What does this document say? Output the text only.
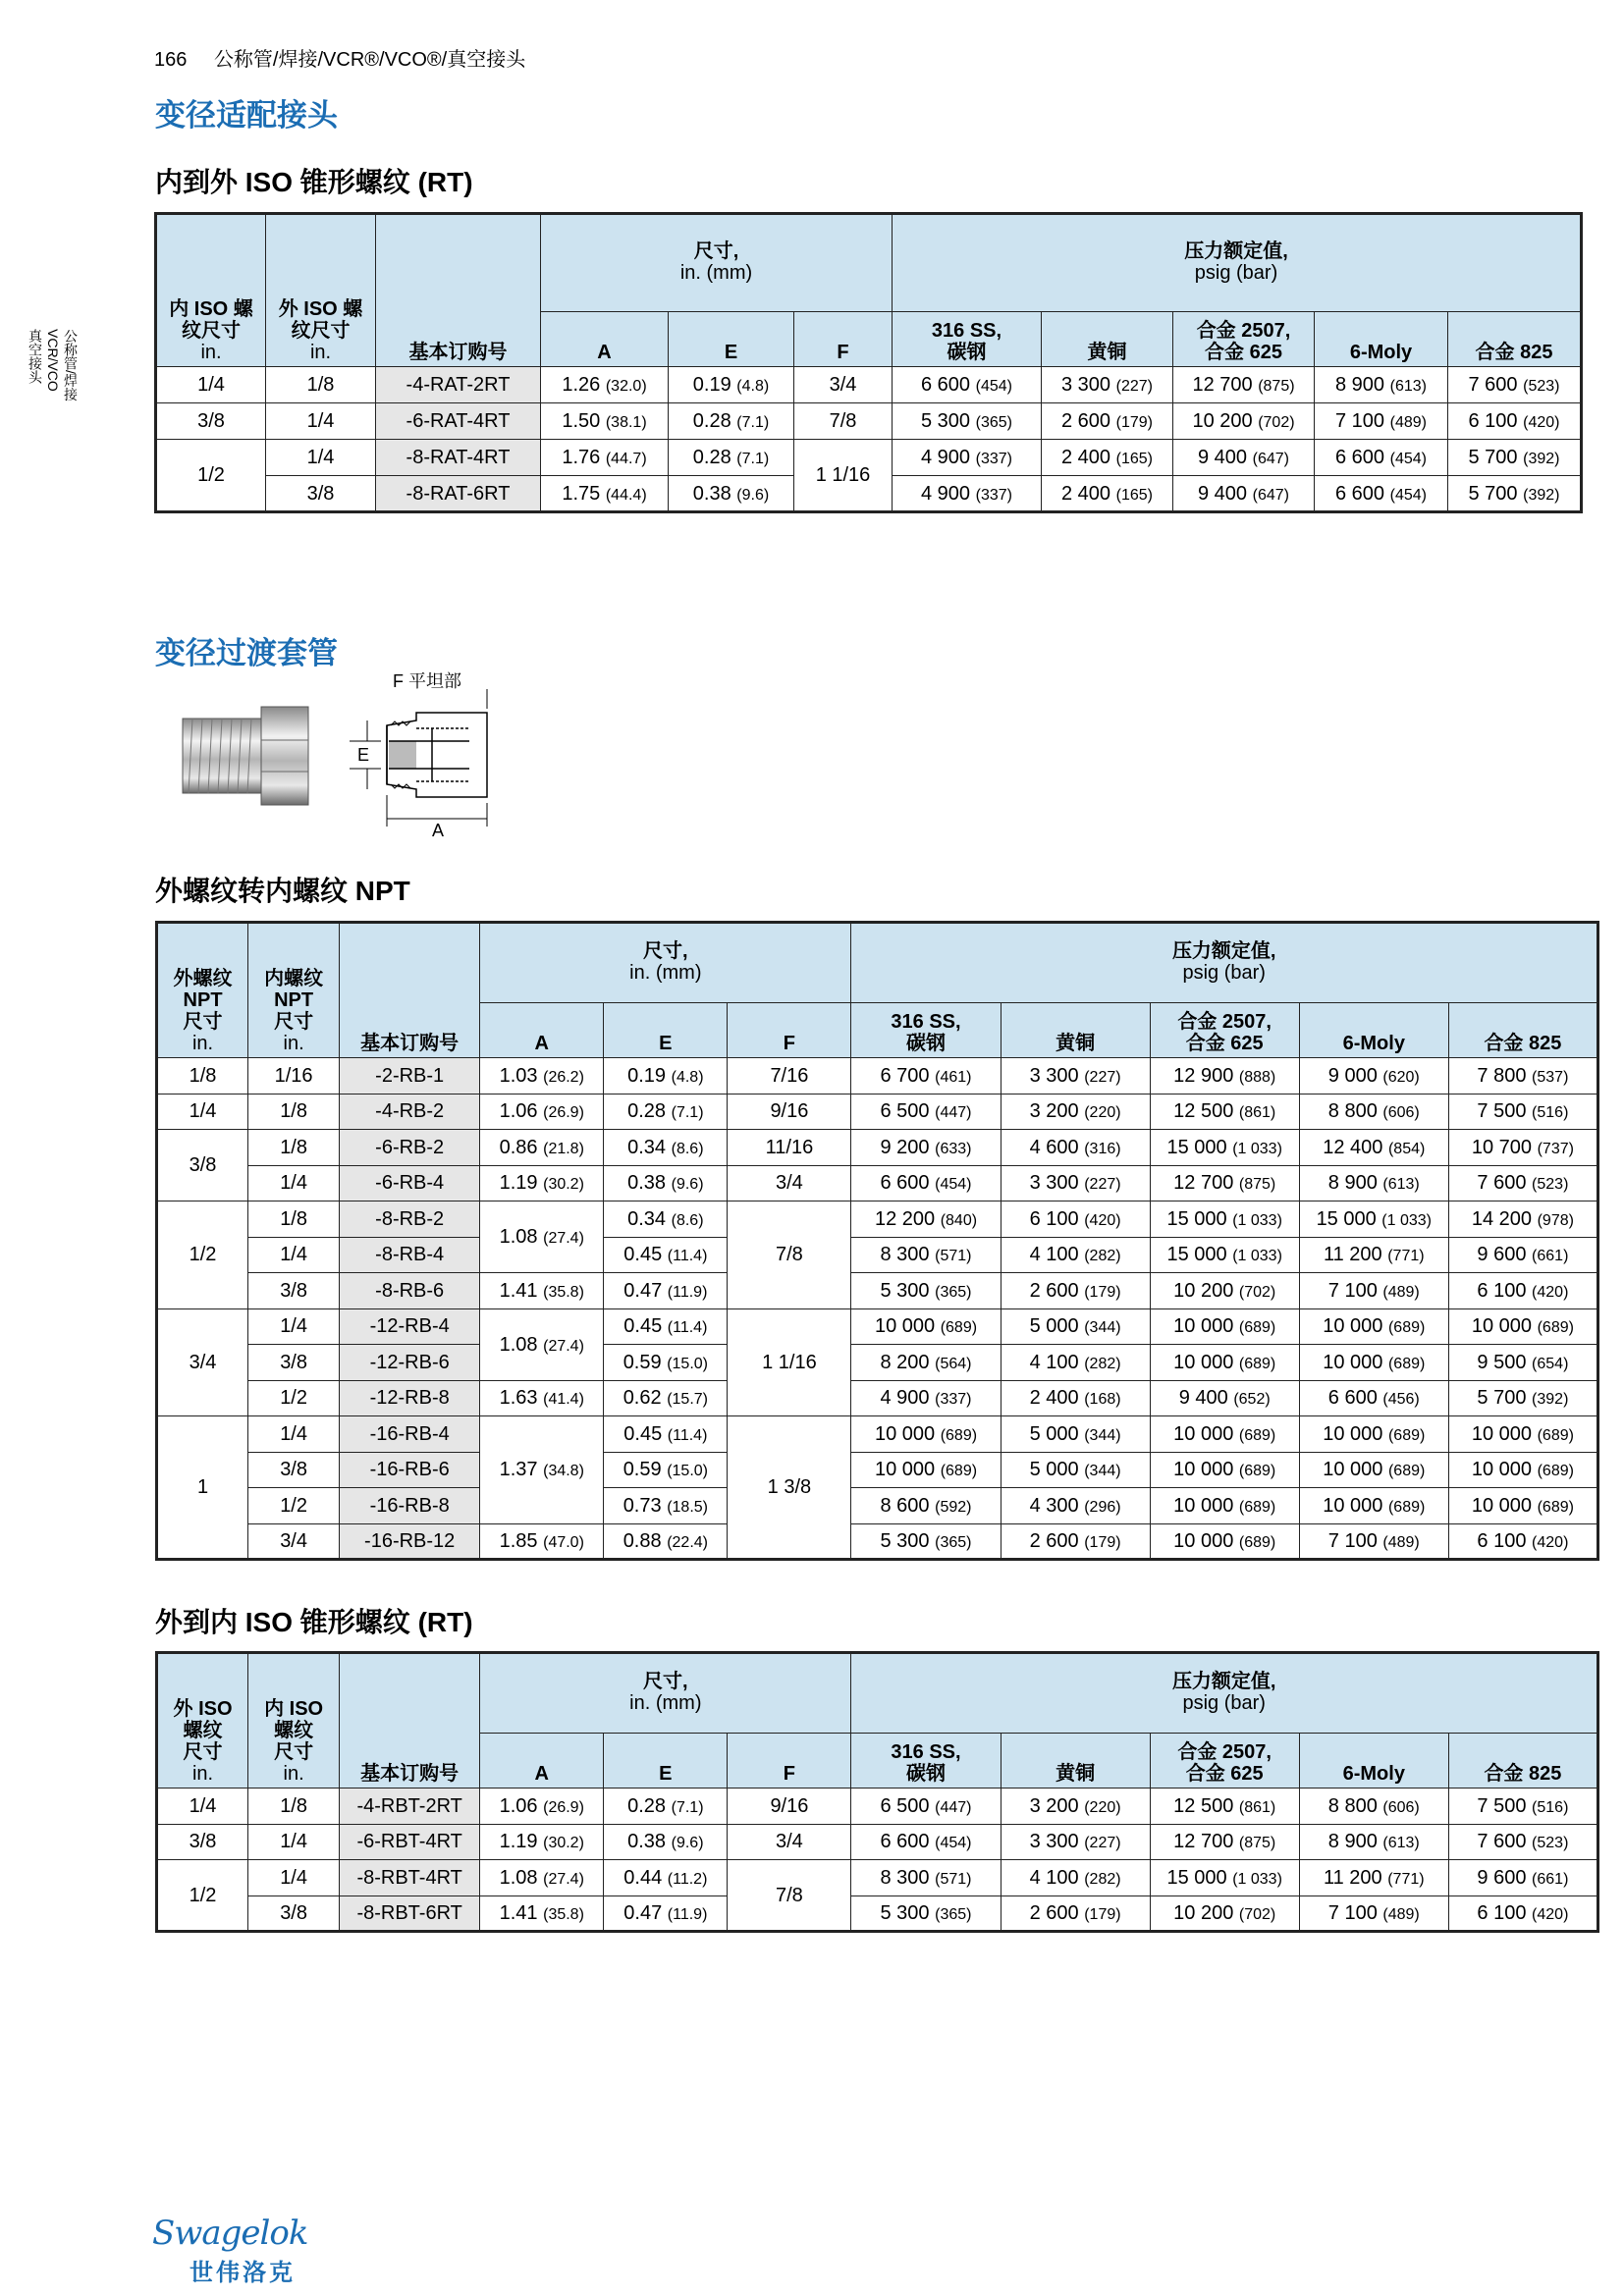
166 公称管/焊接/VCR®/VCO®/真空接头
真空接头 VCR/VCO 公称管/焊接
变径适配接头
内到外 ISO 锥形螺纹 (RT)
内 ISO 螺
纹尺寸
in.	外 ISO 螺
纹尺寸
in.	基本订购号	尺寸,
in. (mm)			压力额定值,
psig (bar)				
			A	E	F	316 SS,
碳钢	黄铜	合金 2507,
合金 625	6-Moly	合金 825
1/4	1/8	-4-RAT-2RT	1.26 (32.0)	0.19 (4.8)	3/4	6 600 (454)	3 300 (227)	12 700 (875)	8 900 (613)	7 600 (523)
3/8	1/4	-6-RAT-4RT	1.50 (38.1)	0.28 (7.1)	7/8	5 300 (365)	2 600 (179)	10 200 (702)	7 100 (489)	6 100 (420)
1/2	1/4	-8-RAT-4RT	1.76 (44.7)	0.28 (7.1)	1 1/16	4 900 (337)	2 400 (165)	9 400 (647)	6 600 (454)	5 700 (392)
	3/8	-8-RAT-6RT	1.75 (44.4)	0.38 (9.6)		4 900 (337)	2 400 (165)	9 400 (647)	6 600 (454)	5 700 (392)
变径过渡套管
F 平坦部
E
A
外螺纹转内螺纹 NPT
外螺纹
NPT
尺寸
in.	内螺纹
NPT
尺寸
in.	基本订购号	尺寸,
in. (mm)			压力额定值,
psig (bar)				
			A	E	F	316 SS,
碳钢	黄铜	合金 2507,
合金 625	6-Moly	合金 825
1/8	1/16	-2-RB-1	1.03 (26.2)	0.19 (4.8)	7/16	6 700 (461)	3 300 (227)	12 900 (888)	9 000 (620)	7 800 (537)
1/4	1/8	-4-RB-2	1.06 (26.9)	0.28 (7.1)	9/16	6 500 (447)	3 200 (220)	12 500 (861)	8 800 (606)	7 500 (516)
3/8	1/8	-6-RB-2	0.86 (21.8)	0.34 (8.6)	11/16	9 200 (633)	4 600 (316)	15 000 (1 033)	12 400 (854)	10 700 (737)
	1/4	-6-RB-4	1.19 (30.2)	0.38 (9.6)	3/4	6 600 (454)	3 300 (227)	12 700 (875)	8 900 (613)	7 600 (523)
1/2	1/8	-8-RB-2	1.08 (27.4)	0.34 (8.6)	7/8	12 200 (840)	6 100 (420)	15 000 (1 033)	15 000 (1 033)	14 200 (978)
	1/4	-8-RB-4		0.45 (11.4)		8 300 (571)	4 100 (282)	15 000 (1 033)	11 200 (771)	9 600 (661)
	3/8	-8-RB-6	1.41 (35.8)	0.47 (11.9)		5 300 (365)	2 600 (179)	10 200 (702)	7 100 (489)	6 100 (420)
3/4	1/4	-12-RB-4	1.08 (27.4)	0.45 (11.4)	1 1/16	10 000 (689)	5 000 (344)	10 000 (689)	10 000 (689)	10 000 (689)
	3/8	-12-RB-6		0.59 (15.0)		8 200 (564)	4 100 (282)	10 000 (689)	10 000 (689)	9 500 (654)
	1/2	-12-RB-8	1.63 (41.4)	0.62 (15.7)		4 900 (337)	2 400 (168)	9 400 (652)	6 600 (456)	5 700 (392)
1	1/4	-16-RB-4	1.37 (34.8)	0.45 (11.4)	1 3/8	10 000 (689)	5 000 (344)	10 000 (689)	10 000 (689)	10 000 (689)
	3/8	-16-RB-6		0.59 (15.0)		10 000 (689)	5 000 (344)	10 000 (689)	10 000 (689)	10 000 (689)
	1/2	-16-RB-8		0.73 (18.5)		8 600 (592)	4 300 (296)	10 000 (689)	10 000 (689)	10 000 (689)
	3/4	-16-RB-12	1.85 (47.0)	0.88 (22.4)		5 300 (365)	2 600 (179)	10 000 (689)	7 100 (489)	6 100 (420)
外到内 ISO 锥形螺纹 (RT)
外 ISO
螺纹
尺寸
in.	内 ISO
螺纹
尺寸
in.	基本订购号	尺寸,
in. (mm)			压力额定值,
psig (bar)				
			A	E	F	316 SS,
碳钢	黄铜	合金 2507,
合金 625	6-Moly	合金 825
1/4	1/8	-4-RBT-2RT	1.06 (26.9)	0.28 (7.1)	9/16	6 500 (447)	3 200 (220)	12 500 (861)	8 800 (606)	7 500 (516)
3/8	1/4	-6-RBT-4RT	1.19 (30.2)	0.38 (9.6)	3/4	6 600 (454)	3 300 (227)	12 700 (875)	8 900 (613)	7 600 (523)
1/2	1/4	-8-RBT-4RT	1.08 (27.4)	0.44 (11.2)	7/8	8 300 (571)	4 100 (282)	15 000 (1 033)	11 200 (771)	9 600 (661)
	3/8	-8-RBT-6RT	1.41 (35.8)	0.47 (11.9)		5 300 (365)	2 600 (179)	10 200 (702)	7 100 (489)	6 100 (420)
Swagelok
世伟洛克
